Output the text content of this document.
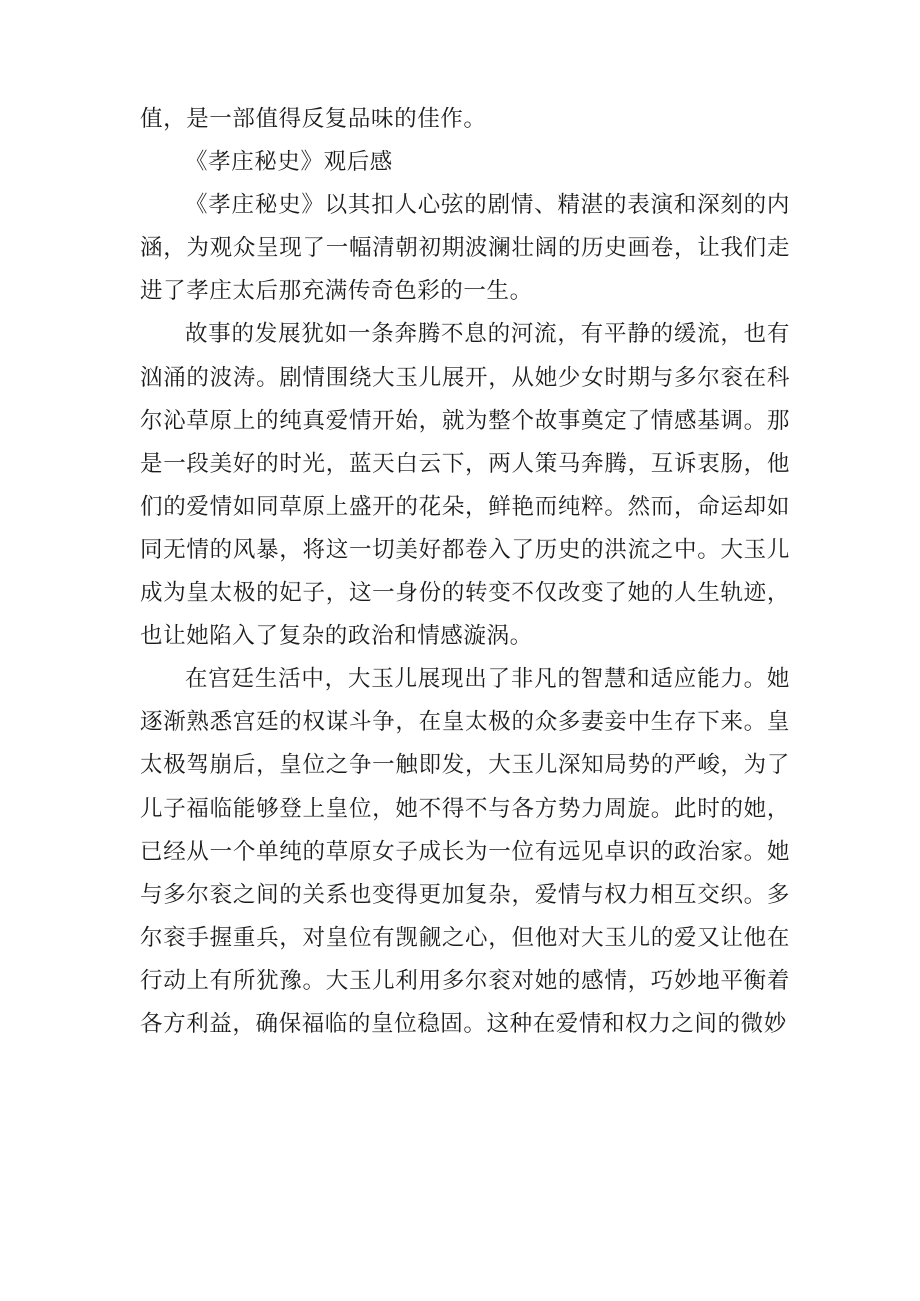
值，是一部值得反复品味的佳作。

《孝庄秘史》观后感

《孝庄秘史》以其扣人心弦的剧情、精湛的表演和深刻的内涵，为观众呈现了一幅清朝初期波澜壮阔的历史画卷，让我们走进了孝庄太后那充满传奇色彩的一生。

故事的发展犹如一条奔腾不息的河流，有平静的缓流，也有汹涌的波涛。剧情围绕大玉儿展开，从她少女时期与多尔衮在科尔沁草原上的纯真爱情开始，就为整个故事奠定了情感基调。那是一段美好的时光，蓝天白云下，两人策马奔腾，互诉衷肠，他们的爱情如同草原上盛开的花朵，鲜艳而纯粹。然而，命运却如同无情的风暴，将这一切美好都卷入了历史的洪流之中。大玉儿成为皇太极的妃子，这一身份的转变不仅改变了她的人生轨迹，也让她陷入了复杂的政治和情感漩涡。

在宫廷生活中，大玉儿展现出了非凡的智慧和适应能力。她逐渐熟悉宫廷的权谋斗争，在皇太极的众多妻妾中生存下来。皇太极驾崩后，皇位之争一触即发，大玉儿深知局势的严峻，为了儿子福临能够登上皇位，她不得不与各方势力周旋。此时的她，已经从一个单纯的草原女子成长为一位有远见卓识的政治家。她与多尔衮之间的关系也变得更加复杂，爱情与权力相互交织。多尔衮手握重兵，对皇位有觊觎之心，但他对大玉儿的爱又让他在行动上有所犹豫。大玉儿利用多尔衮对她的感情，巧妙地平衡着各方利益，确保福临的皇位稳固。这种在爱情和权力之间的微妙
